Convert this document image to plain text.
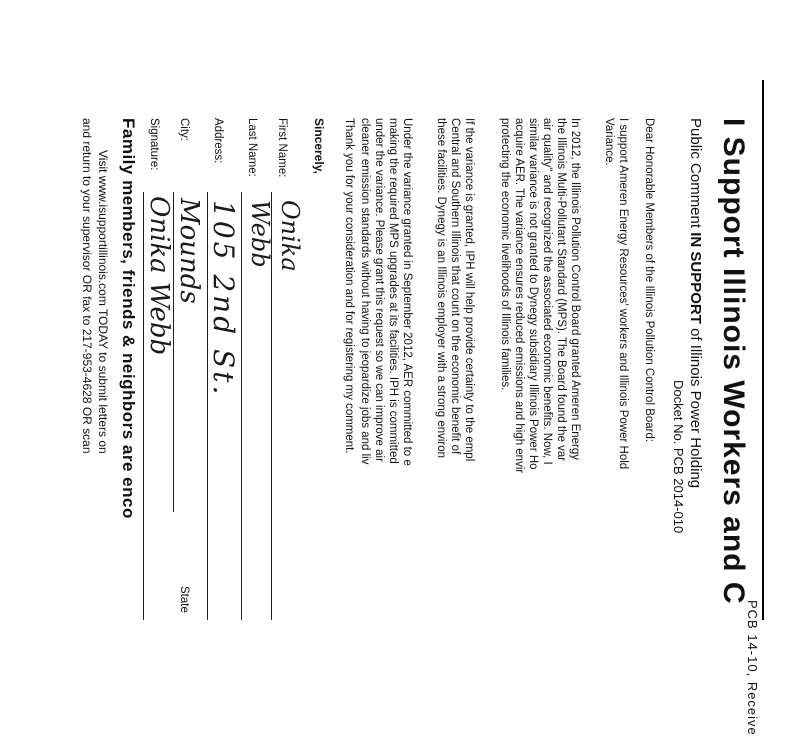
PCB 14-10, Receive
I Support Illinois Workers and C
Public Comment IN SUPPORT of Illinois Power Holding
Docket No. PCB 2014-010
Dear Honorable Members of the Illinois Pollution Control Board:
I support Ameren Energy Resources' workers and Illinois Power Hold
Variance.
In 2012, the Illinois Pollution Control Board granted Ameren Energy
the Illinois Multi-Pollutant Standard (MPS). The Board found the var
air quality" and recognized the associated economic benefits. Now, I
similar variance is not granted to Dynegy subsidiary Illinois Power Ho
acquire AER. The variance ensures reduced emissions and high envir
protecting the economic livelihoods of Illinois families.
If the variance is granted, IPH will help provide certainty to the empl
Central and Southern Illinois that count on the economic benefit of
these facilities. Dynegy is an Illinois employer with a strong environ
Under the variance granted in September 2012, AER committed to e
making the required MPS upgrades at its facilities. IPH is committed
under the variance. Please grant this request so we can improve air
cleaner emission standards without having to jeopardize jobs and liv
Thank you for your consideration and for registering my comment.
Sincerely,
First Name:
Onika
Last Name:
Webb
Address:
105 2nd St.
City:
Mounds
State
Signature:
Onika Webb
Family members, friends & neighbors are enco
Visit www.isupportillinois.com TODAY to submit letters on
and return to your supervisor OR fax to 217-953-4628 OR scan
